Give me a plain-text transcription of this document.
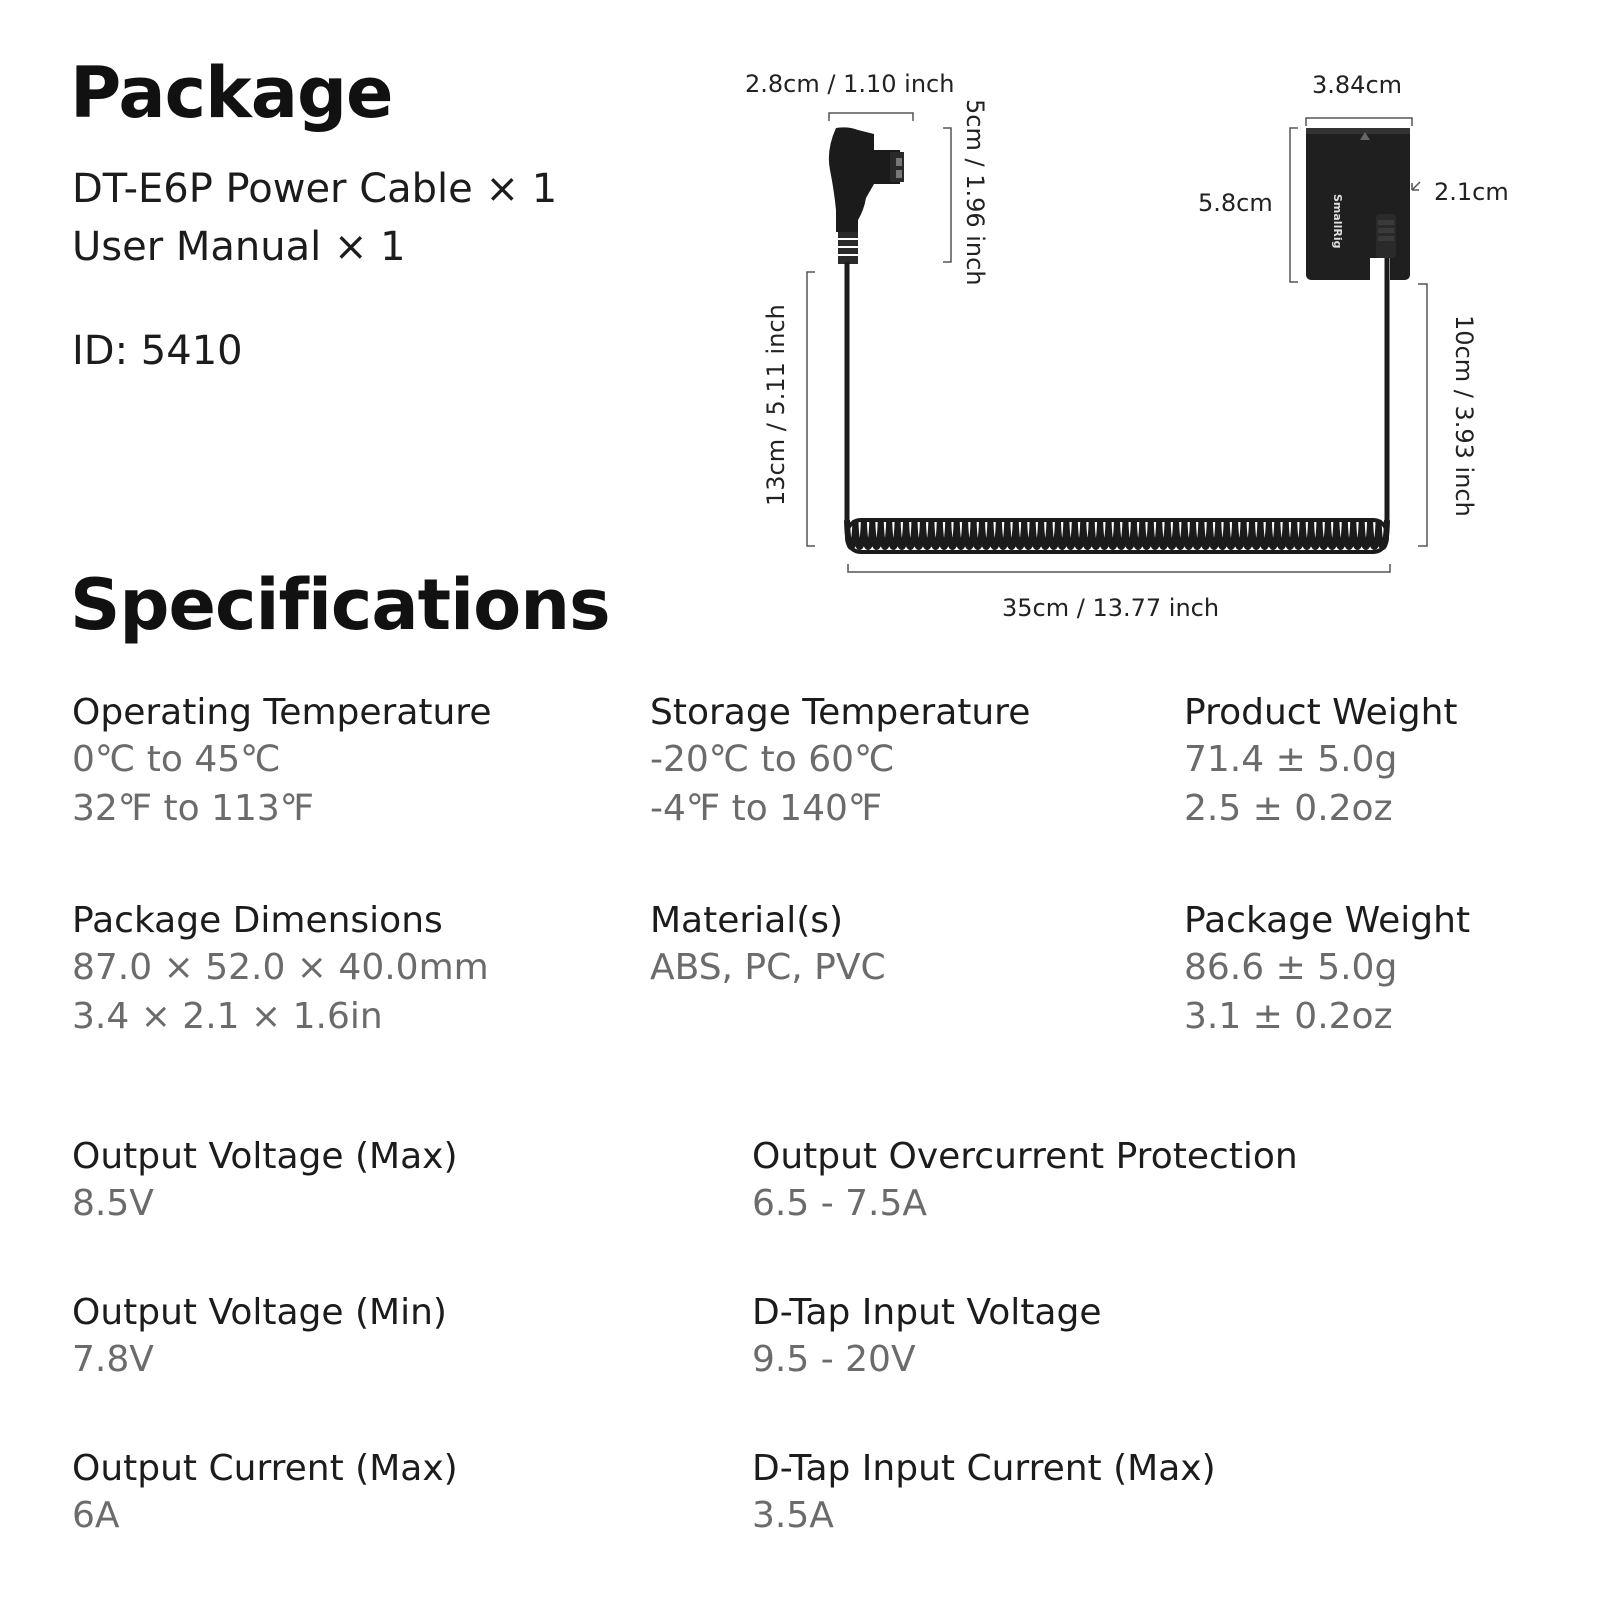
Package
DT-E6P Power Cable × 1
User Manual × 1
ID: 5410
SmallRig
2.8cm / 1.10 inch
5cm / 1.96 inch
13cm / 5.11 inch
35cm / 13.77 inch
3.84cm
5.8cm	2.1cm
10cm / 3.93 inch
Specifications
Operating Temperature
0℃ to 45℃
32℉ to 113℉
Storage Temperature
-20℃ to 60℃
-4℉ to 140℉
Product Weight
71.4 ± 5.0g
2.5 ± 0.2oz
Package Dimensions
87.0 × 52.0 × 40.0mm
3.4 × 2.1 × 1.6in
Material(s)
ABS, PC, PVC
Package Weight
86.6 ± 5.0g
3.1 ± 0.2oz
Output Voltage (Max)
8.5V
Output Overcurrent Protection
6.5 - 7.5A
Output Voltage (Min)
7.8V
D-Tap Input Voltage
9.5 - 20V
Output Current (Max)
6A
D-Tap Input Current (Max)
3.5A
